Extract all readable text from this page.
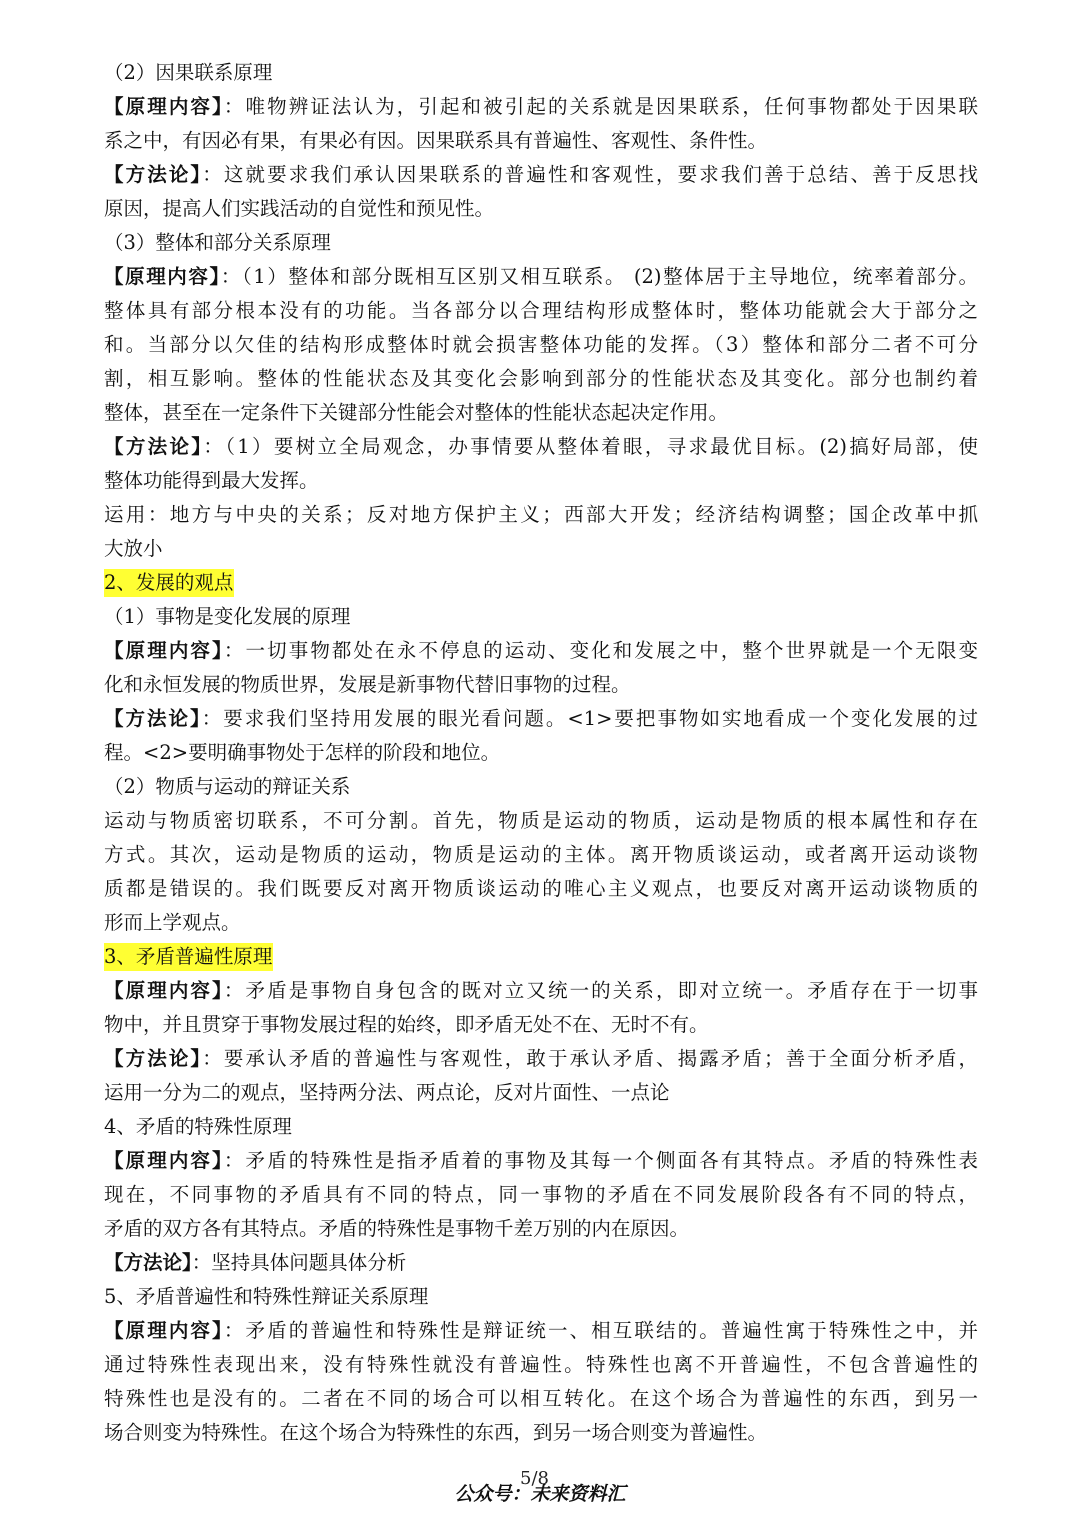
（2）因果联系原理
【原理内容】：唯物辨证法认为，引起和被引起的关系就是因果联系，任何事物都处于因果联
系之中，有因必有果，有果必有因。因果联系具有普遍性、客观性、条件性。
【方法论】：这就要求我们承认因果联系的普遍性和客观性，要求我们善于总结、善于反思找
原因，提高人们实践活动的自觉性和预见性。
（3）整体和部分关系原理
【原理内容】：（1）整体和部分既相互区别又相互联系。 (2)整体居于主导地位，统率着部分。
整体具有部分根本没有的功能。当各部分以合理结构形成整体时，整体功能就会大于部分之
和。当部分以欠佳的结构形成整体时就会损害整体功能的发挥。（3）整体和部分二者不可分
割，相互影响。整体的性能状态及其变化会影响到部分的性能状态及其变化。部分也制约着
整体，甚至在一定条件下关键部分性能会对整体的性能状态起决定作用。
【方法论】：（1）要树立全局观念，办事情要从整体着眼，寻求最优目标。(2)搞好局部，使
整体功能得到最大发挥。
运用：地方与中央的关系；反对地方保护主义；西部大开发；经济结构调整；国企改革中抓
大放小
2、发展的观点
（1）事物是变化发展的原理
【原理内容】：一切事物都处在永不停息的运动、变化和发展之中，整个世界就是一个无限变
化和永恒发展的物质世界，发展是新事物代替旧事物的过程。
【方法论】：要求我们坚持用发展的眼光看问题。<1>要把事物如实地看成一个变化发展的过
程。<2>要明确事物处于怎样的阶段和地位。
（2）物质与运动的辩证关系
运动与物质密切联系，不可分割。首先，物质是运动的物质，运动是物质的根本属性和存在
方式。其次，运动是物质的运动，物质是运动的主体。离开物质谈运动，或者离开运动谈物
质都是错误的。我们既要反对离开物质谈运动的唯心主义观点，也要反对离开运动谈物质的
形而上学观点。
3、矛盾普遍性原理
【原理内容】：矛盾是事物自身包含的既对立又统一的关系，即对立统一。矛盾存在于一切事
物中，并且贯穿于事物发展过程的始终，即矛盾无处不在、无时不有。
【方法论】：要承认矛盾的普遍性与客观性，敢于承认矛盾、揭露矛盾；善于全面分析矛盾，
运用一分为二的观点，坚持两分法、两点论，反对片面性、一点论
4、矛盾的特殊性原理
【原理内容】：矛盾的特殊性是指矛盾着的事物及其每一个侧面各有其特点。矛盾的特殊性表
现在，不同事物的矛盾具有不同的特点，同一事物的矛盾在不同发展阶段各有不同的特点，
矛盾的双方各有其特点。矛盾的特殊性是事物千差万别的内在原因。
【方法论】：坚持具体问题具体分析
5、矛盾普遍性和特殊性辩证关系原理
【原理内容】：矛盾的普遍性和特殊性是辩证统一、相互联结的。普遍性寓于特殊性之中，并
通过特殊性表现出来，没有特殊性就没有普遍性。特殊性也离不开普遍性，不包含普遍性的
特殊性也是没有的。二者在不同的场合可以相互转化。在这个场合为普遍性的东西，到另一
场合则变为特殊性。在这个场合为特殊性的东西，到另一场合则变为普遍性。
5/8
公众号：未来资料汇
